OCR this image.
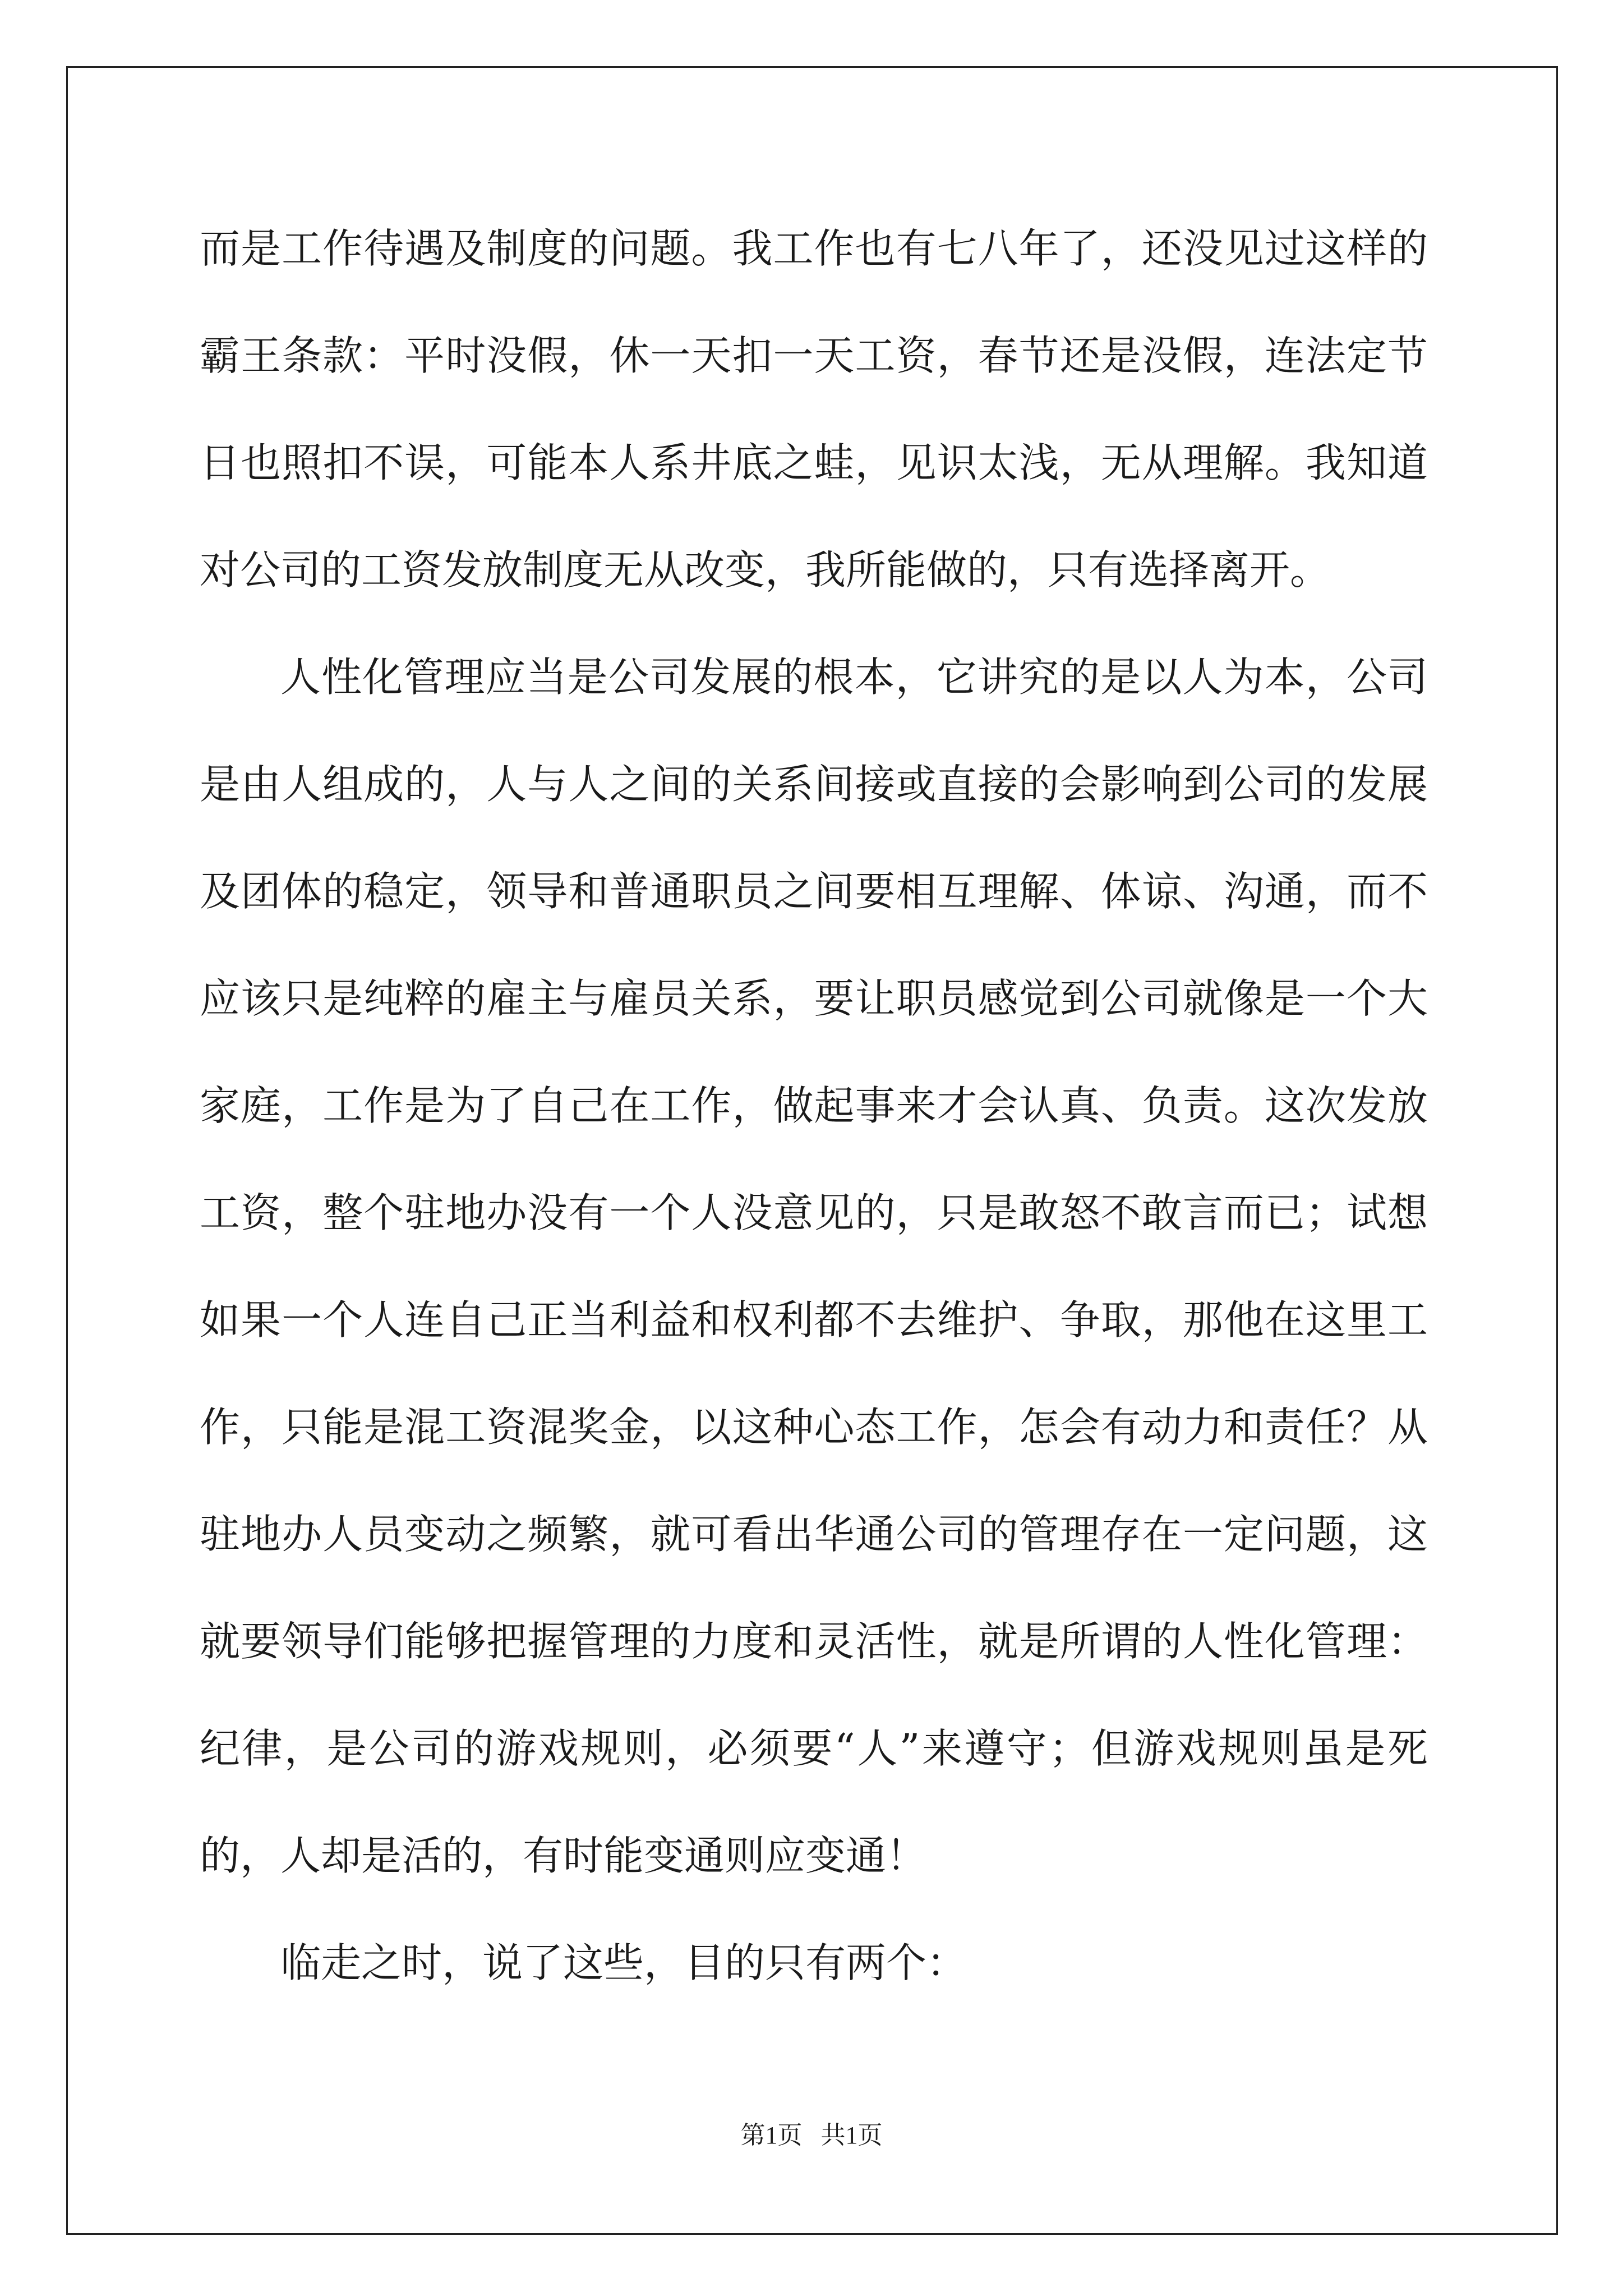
而是工作待遇及制度的问题。我工作也有七八年了，还没见过这样的
霸王条款：平时没假，休一天扣一天工资，春节还是没假，连法定节
日也照扣不误，可能本人系井底之蛙，见识太浅，无从理解。我知道
对公司的工资发放制度无从改变，我所能做的，只有选择离开。
人性化管理应当是公司发展的根本，它讲究的是以人为本，公司
是由人组成的，人与人之间的关系间接或直接的会影响到公司的发展
及团体的稳定，领导和普通职员之间要相互理解、体谅、沟通，而不
应该只是纯粹的雇主与雇员关系，要让职员感觉到公司就像是一个大
家庭，工作是为了自己在工作，做起事来才会认真、负责。这次发放
工资，整个驻地办没有一个人没意见的，只是敢怒不敢言而已；试想
如果一个人连自己正当利益和权利都不去维护、争取，那他在这里工
作，只能是混工资混奖金，以这种心态工作，怎会有动力和责任？从
驻地办人员变动之频繁，就可看出华通公司的管理存在一定问题，这
就要领导们能够把握管理的力度和灵活性，就是所谓的人性化管理：
纪律，是公司的游戏规则，必须要“人”来遵守；但游戏规则虽是死
的，人却是活的，有时能变通则应变通！
临走之时，说了这些，目的只有两个：
第1页   共1页
